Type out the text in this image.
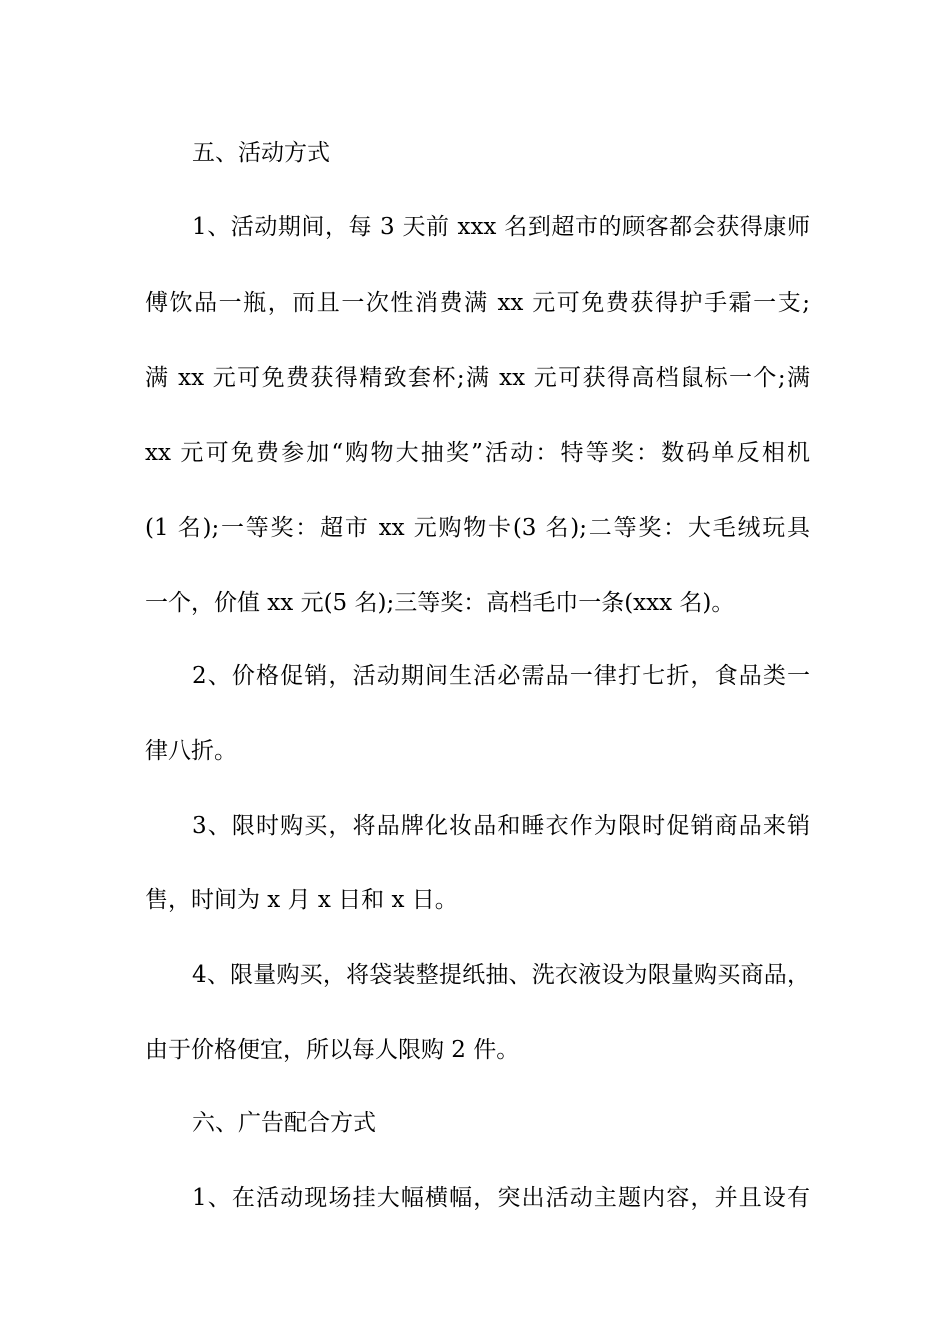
五、活动方式
1、活动期间，每 3 天前 xxx 名到超市的顾客都会获得康师
傅饮品一瓶，而且一次性消费满 xx 元可免费获得护手霜一支;
满 xx 元可免费获得精致套杯;满 xx 元可获得高档鼠标一个;满
xx 元可免费参加“购物大抽奖”活动：特等奖：数码单反相机
(1 名);一等奖：超市 xx 元购物卡(3 名);二等奖：大毛绒玩具
一个，价值 xx 元(5 名);三等奖：高档毛巾一条(xxx 名)。
2、价格促销，活动期间生活必需品一律打七折，食品类一
律八折。
3、限时购买，将品牌化妆品和睡衣作为限时促销商品来销
售，时间为 x 月 x 日和 x 日。
4、限量购买，将袋装整提纸抽、洗衣液设为限量购买商品，
由于价格便宜，所以每人限购 2 件。
六、广告配合方式
1、在活动现场挂大幅横幅，突出活动主题内容，并且设有
